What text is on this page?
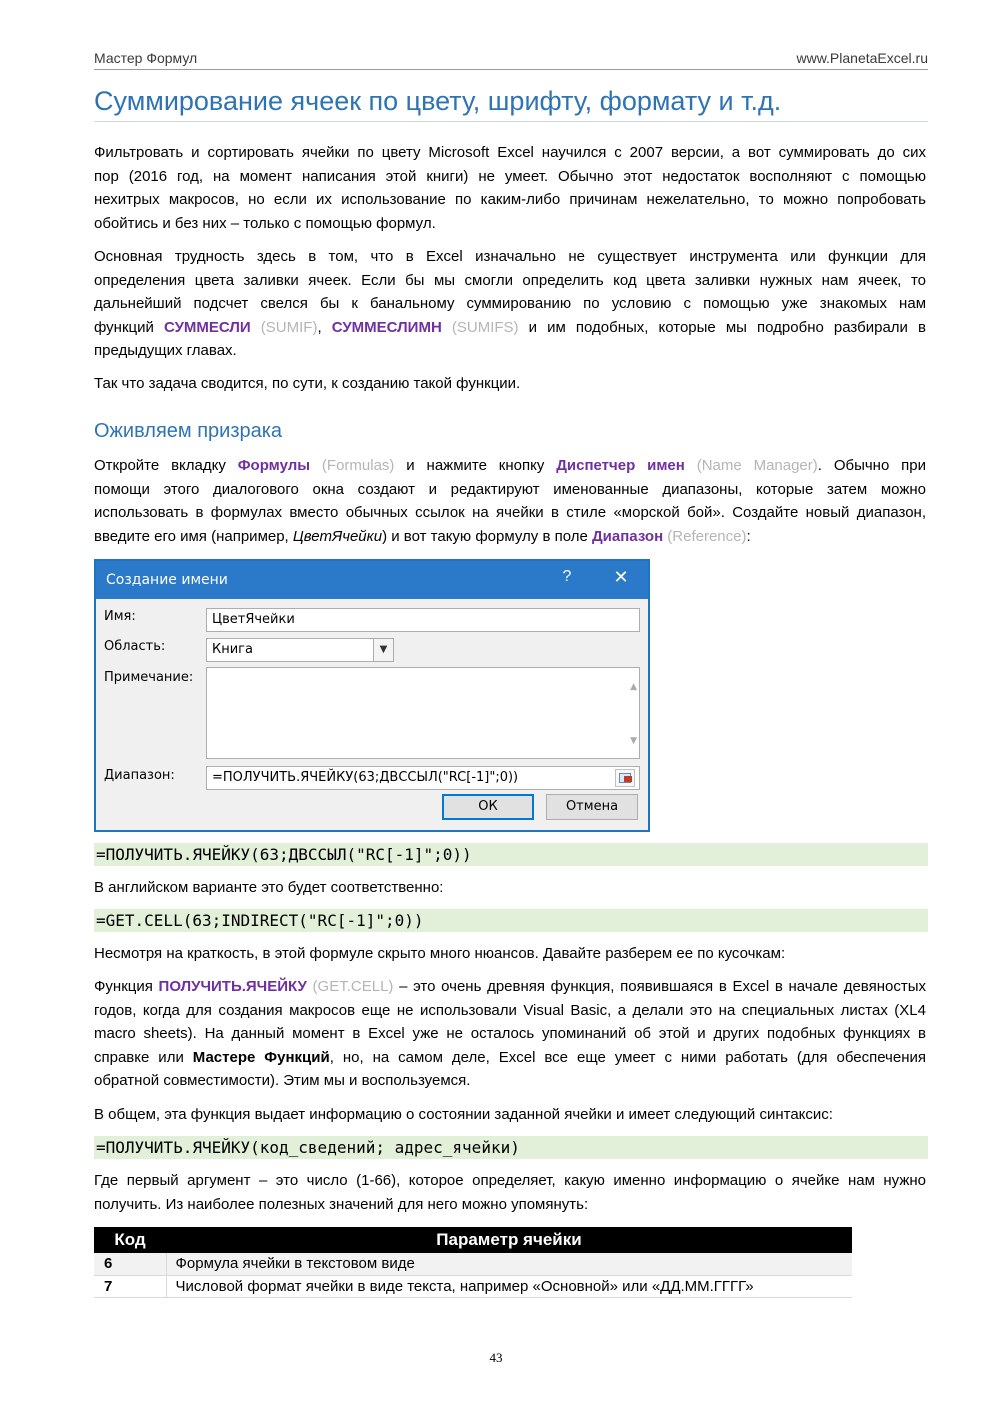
Мастер Формул	www.PlanetaExcel.ru
Суммирование ячеек по цвету, шрифту, формату и т.д.
Фильтровать и сортировать ячейки по цвету Microsoft Excel научился с 2007 версии, а вот суммировать до сих
пор (2016 год, на момент написания этой книги) не умеет. Обычно этот недостаток восполняют с помощью
нехитрых макросов, но если их использование по каким-либо причинам нежелательно, то можно попробовать
обойтись и без них – только с помощью формул.
Основная трудность здесь в том, что в Excel изначально не существует инструмента или функции для
определения цвета заливки ячеек. Если бы мы смогли определить код цвета заливки нужных нам ячеек, то
дальнейший подсчет свелся бы к банальному суммированию по условию с помощью уже знакомых нам
функций СУММЕСЛИ (SUMIF), СУММЕСЛИМН (SUMIFS) и им подобных, которые мы подробно разбирали в
предыдущих главах.
Так что задача сводится, по сути, к созданию такой функции.
Оживляем призрака
Откройте вкладку Формулы (Formulas) и нажмите кнопку Диспетчер имен (Name Manager). Обычно при
помощи этого диалогового окна создают и редактируют именованные диапазоны, которые затем можно
использовать в формулах вместо обычных ссылок на ячейки в стиле «морской бой». Создайте новый диапазон,
введите его имя (например, ЦветЯчейки) и вот такую формулу в поле Диапазон (Reference):
Создание имени	? ✕
Имя:	ЦветЯчейки
Область:	Книга	▼
Примечание:
▲
▼
Диапазон:	=ПОЛУЧИТЬ.ЯЧЕЙКУ(63;ДВССЫЛ("RC[-1]";0))
ОК	Отмена
=ПОЛУЧИТЬ.ЯЧЕЙКУ(63;ДВССЫЛ("RC[-1]";0))
В английском варианте это будет соответственно:
=GET.CELL(63;INDIRECT("RC[-1]";0))
Несмотря на краткость, в этой формуле скрыто много нюансов. Давайте разберем ее по кусочкам:
Функция ПОЛУЧИТЬ.ЯЧЕЙКУ (GET.CELL) – это очень древняя функция, появившаяся в Excel в начале девяностых
годов, когда для создания макросов еще не использовали Visual Basic, а делали это на специальных листах (XL4
macro sheets). На данный момент в Excel уже не осталось упоминаний об этой и других подобных функциях в
справке или Мастере Функций, но, на самом деле, Excel все еще умеет с ними работать (для обеспечения
обратной совместимости). Этим мы и воспользуемся.
В общем, эта функция выдает информацию о состоянии заданной ячейки и имеет следующий синтаксис:
=ПОЛУЧИТЬ.ЯЧЕЙКУ(код_сведений; адрес_ячейки)
Где первый аргумент – это число (1-66), которое определяет, какую именно информацию о ячейке нам нужно
получить. Из наиболее полезных значений для него можно упомянуть:
Код	Параметр ячейки
6	Формула ячейки в текстовом виде
7	Числовой формат ячейки в виде текста, например «Основной» или «ДД.ММ.ГГГГ»
43
